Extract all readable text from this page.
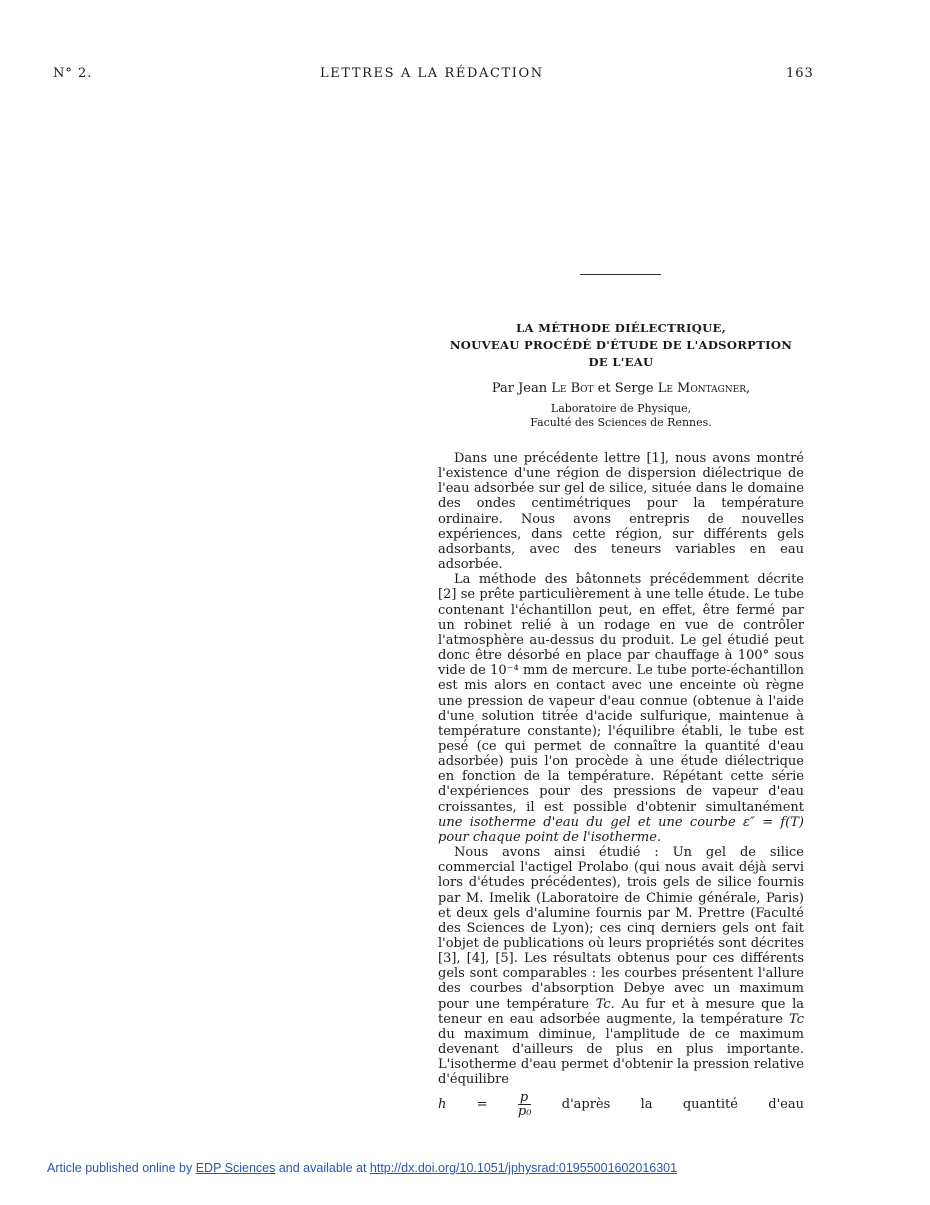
N° 2.	LETTRES A LA RÉDACTION	163
LA MÉTHODE DIÉLECTRIQUE,
NOUVEAU PROCÉDÉ D'ÉTUDE DE L'ADSORPTION
DE L'EAU
Par Jean Le Bot et Serge Le Montagner,
Laboratoire de Physique,
Faculté des Sciences de Rennes.

Dans une précédente lettre [1], nous avons montré l'existence d'une région de dispersion diélectrique de l'eau adsorbée sur gel de silice, située dans le domaine des ondes centimétriques pour la température ordinaire. Nous avons entrepris de nouvelles expériences, dans cette région, sur différents gels adsorbants, avec des teneurs variables en eau adsorbée.

La méthode des bâtonnets précédemment décrite [2] se prête particulièrement à une telle étude. Le tube contenant l'échantillon peut, en effet, être fermé par un robinet relié à un rodage en vue de contrôler l'atmosphère au-dessus du produit. Le gel étudié peut donc être désorbé en place par chauffage à 100° sous vide de 10⁻⁴ mm de mercure. Le tube porte-échantillon est mis alors en contact avec une enceinte où règne une pression de vapeur d'eau connue (obtenue à l'aide d'une solution titrée d'acide sulfurique, maintenue à température constante); l'équilibre établi, le tube est pesé (ce qui permet de connaître la quantité d'eau adsorbée) puis l'on procède à une étude diélectrique en fonction de la température. Répétant cette série d'expériences pour des pressions de vapeur d'eau croissantes, il est possible d'obtenir simultanément une isotherme d'eau du gel et une courbe ε″ = f(T) pour chaque point de l'isotherme.

Nous avons ainsi étudié : Un gel de silice commercial l'actigel Prolabo (qui nous avait déjà servi lors d'études précédentes), trois gels de silice fournis par M. Imelik (Laboratoire de Chimie générale, Paris) et deux gels d'alumine fournis par M. Prettre (Faculté des Sciences de Lyon); ces cinq derniers gels ont fait l'objet de publications où leurs propriétés sont décrites [3], [4], [5]. Les résultats obtenus pour ces différents gels sont comparables : les courbes présentent l'allure des courbes d'absorption Debye avec un maximum pour une température Tc. Au fur et à mesure que la teneur en eau adsorbée augmente, la température Tc du maximum diminue, l'amplitude de ce maximum devenant d'ailleurs de plus en plus importante. L'isotherme d'eau permet d'obtenir la pression relative d'équilibre

$h = \frac{p}{\text{p₀}}$ d'après la quantité d'eau
Article published online by EDP Sciences and available at http://dx.doi.org/10.1051/jphysrad:01955001602016301
